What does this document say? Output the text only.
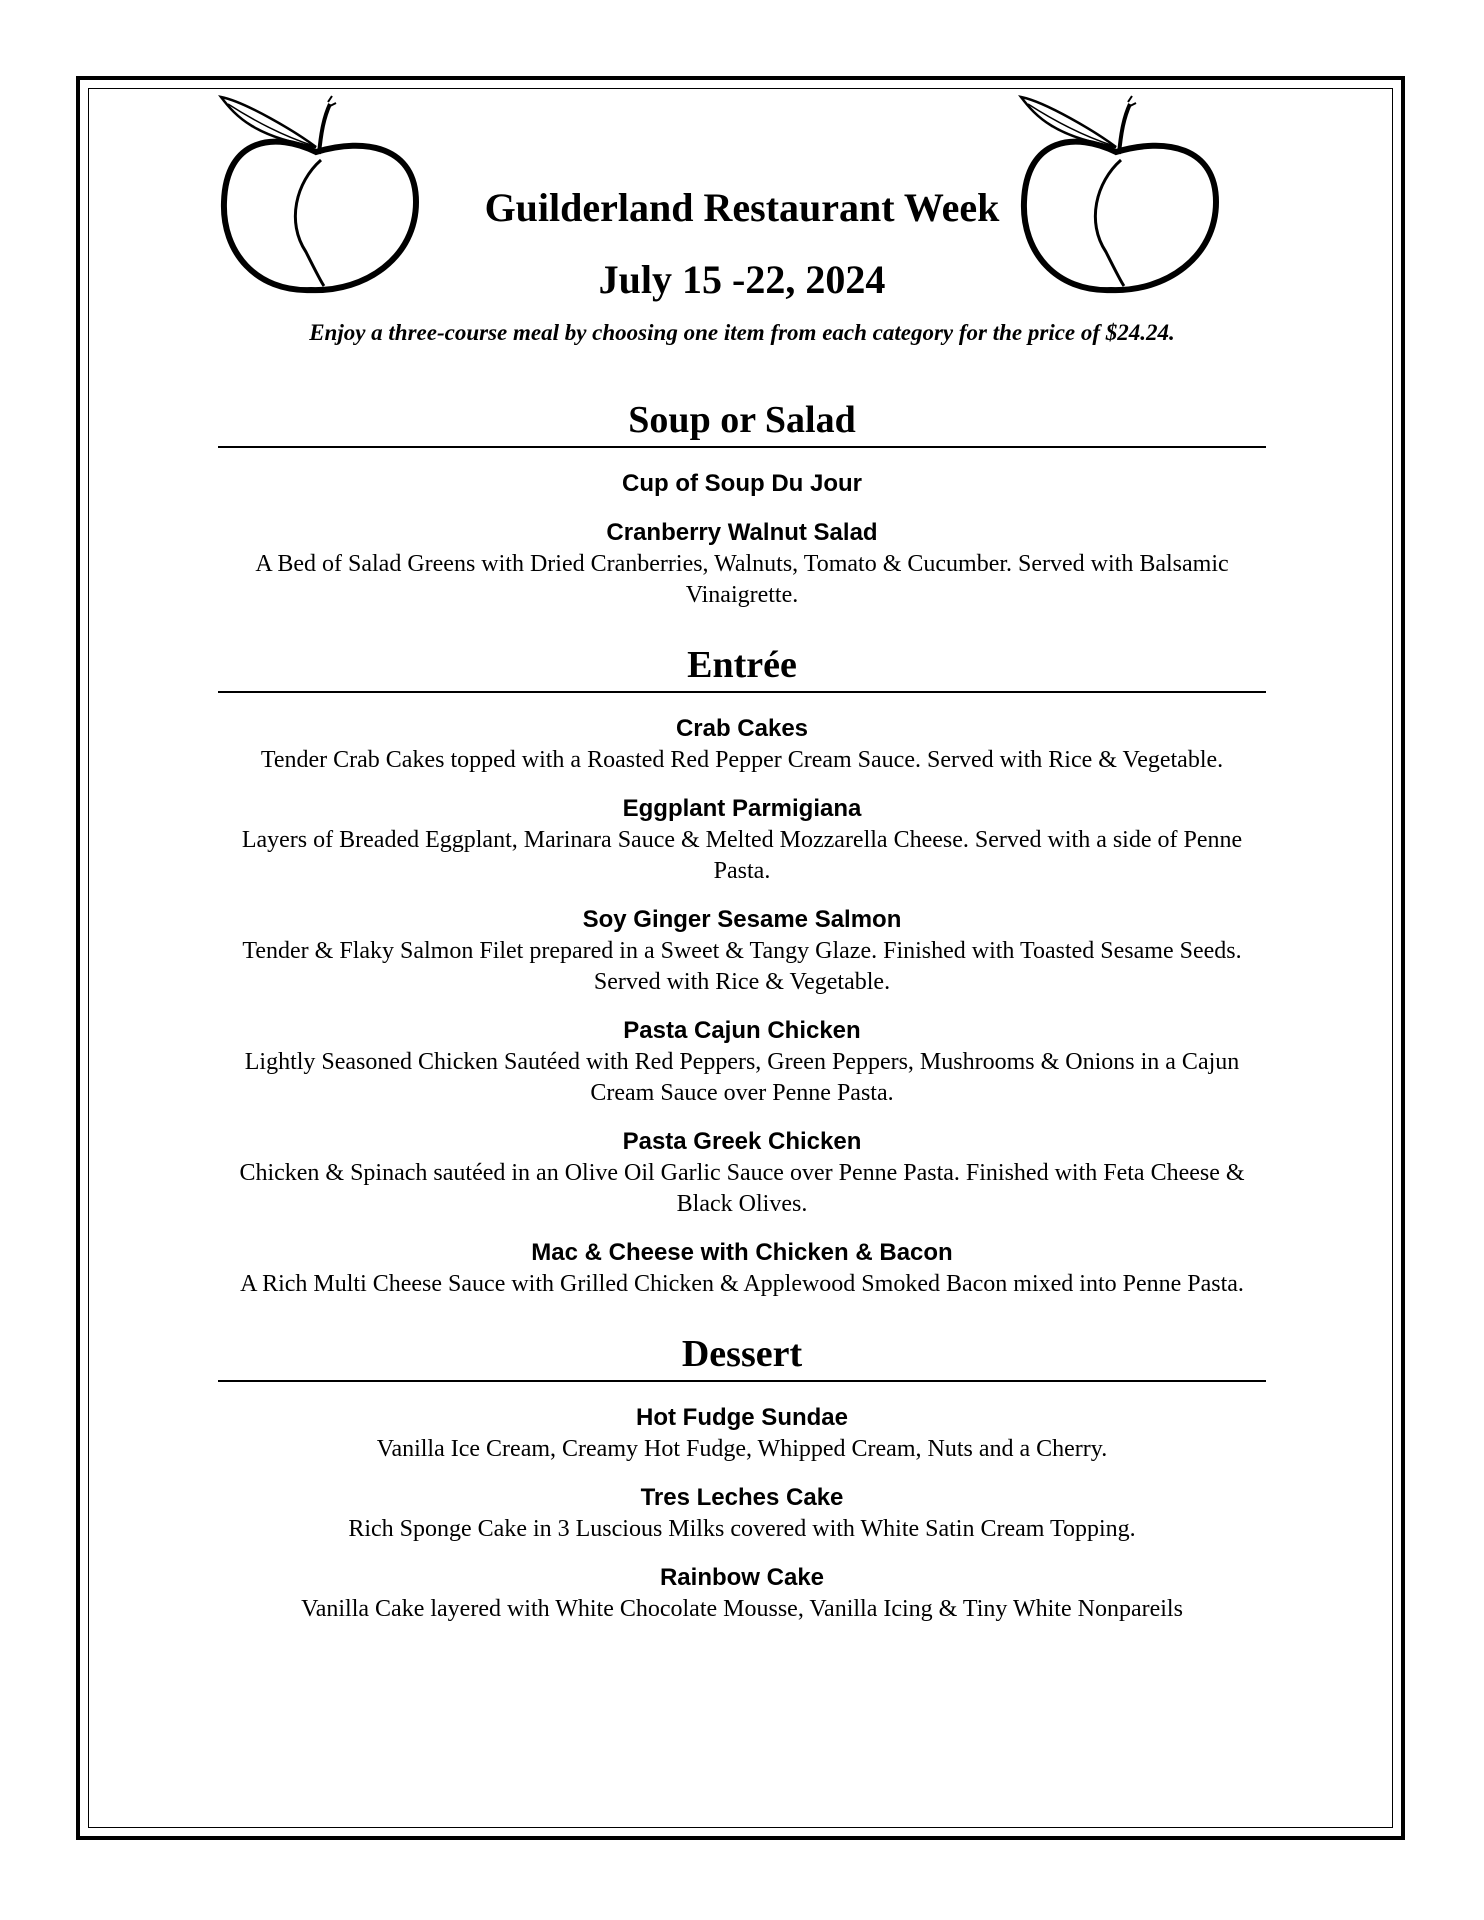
Guilderland Restaurant Week
July 15 -22, 2024
Enjoy a three-course meal by choosing one item from each category for the price of $24.24.
Soup or Salad
Cup of Soup Du Jour
Cranberry Walnut Salad
A Bed of Salad Greens with Dried Cranberries, Walnuts, Tomato & Cucumber. Served with Balsamic Vinaigrette.
Entrée
Crab Cakes
Tender Crab Cakes topped with a Roasted Red Pepper Cream Sauce. Served with Rice & Vegetable.
Eggplant Parmigiana
Layers of Breaded Eggplant, Marinara Sauce & Melted Mozzarella Cheese. Served with a side of Penne Pasta.
Soy Ginger Sesame Salmon
Tender & Flaky Salmon Filet prepared in a Sweet & Tangy Glaze. Finished with Toasted Sesame Seeds. Served with Rice & Vegetable.
Pasta Cajun Chicken
Lightly Seasoned Chicken Sautéed with Red Peppers, Green Peppers, Mushrooms & Onions in a Cajun Cream Sauce over Penne Pasta.
Pasta Greek Chicken
Chicken & Spinach sautéed in an Olive Oil Garlic Sauce over Penne Pasta. Finished with Feta Cheese & Black Olives.
Mac & Cheese with Chicken & Bacon
A Rich Multi Cheese Sauce with Grilled Chicken & Applewood Smoked Bacon mixed into Penne Pasta.
Dessert
Hot Fudge Sundae
Vanilla Ice Cream, Creamy Hot Fudge, Whipped Cream, Nuts and a Cherry.
Tres Leches Cake
Rich Sponge Cake in 3 Luscious Milks covered with White Satin Cream Topping.
Rainbow Cake
Vanilla Cake layered with White Chocolate Mousse, Vanilla Icing & Tiny White Nonpareils
